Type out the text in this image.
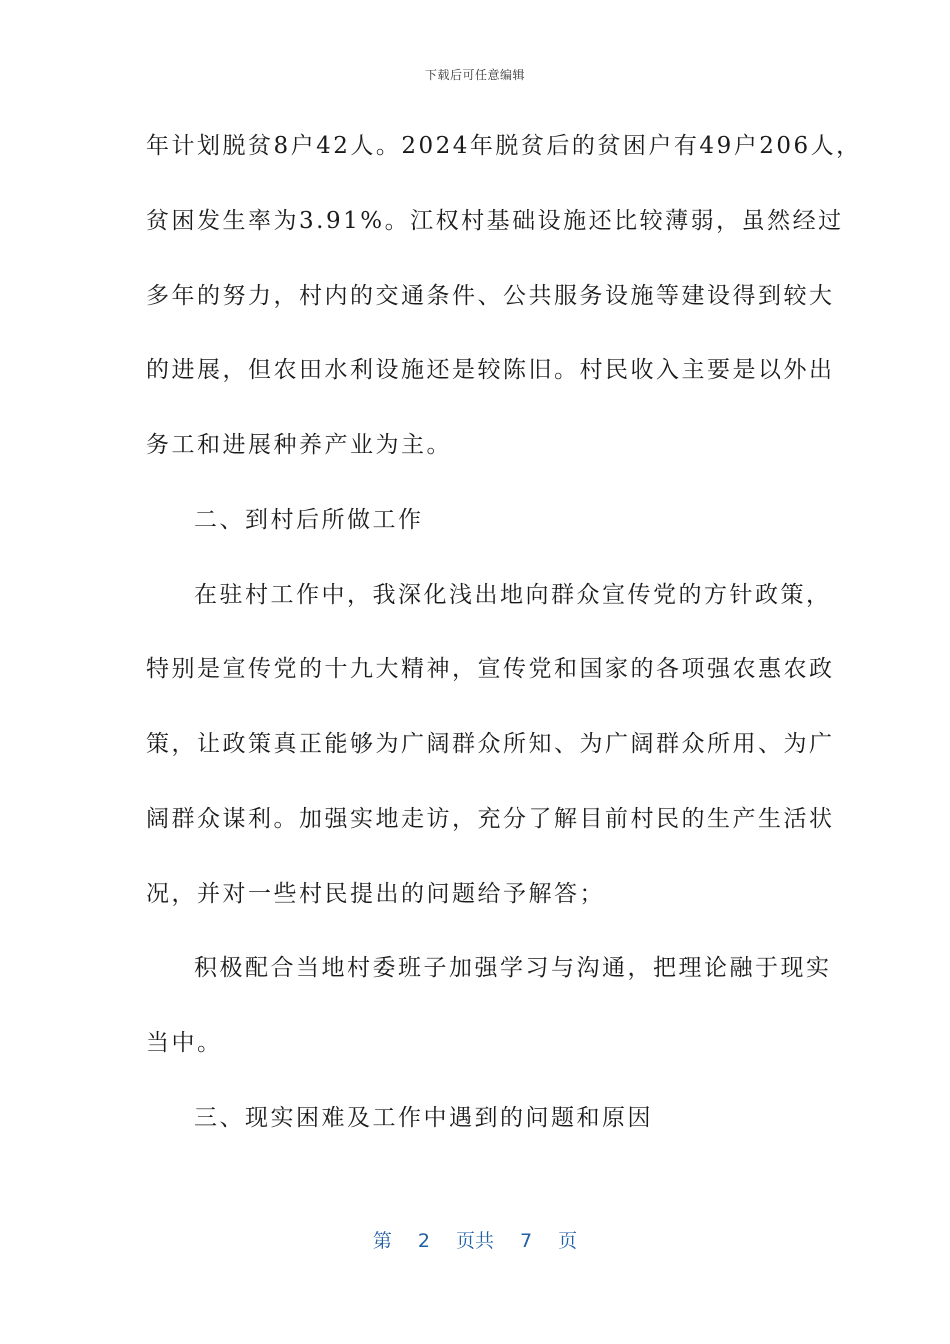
下载后可任意编辑
年计划脱贫8户42人。2024年脱贫后的贫困户有49户206人，
贫困发生率为3.91%。江权村基础设施还比较薄弱，虽然经过
多年的努力，村内的交通条件、公共服务设施等建设得到较大
的进展，但农田水利设施还是较陈旧。村民收入主要是以外出
务工和进展种养产业为主。
二、到村后所做工作
在驻村工作中，我深化浅出地向群众宣传党的方针政策，
特别是宣传党的十九大精神，宣传党和国家的各项强农惠农政
策，让政策真正能够为广阔群众所知、为广阔群众所用、为广
阔群众谋利。加强实地走访，充分了解目前村民的生产生活状
况，并对一些村民提出的问题给予解答；
积极配合当地村委班子加强学习与沟通，把理论融于现实
当中。
三、现实困难及工作中遇到的问题和原因
第 2 页共 7 页
